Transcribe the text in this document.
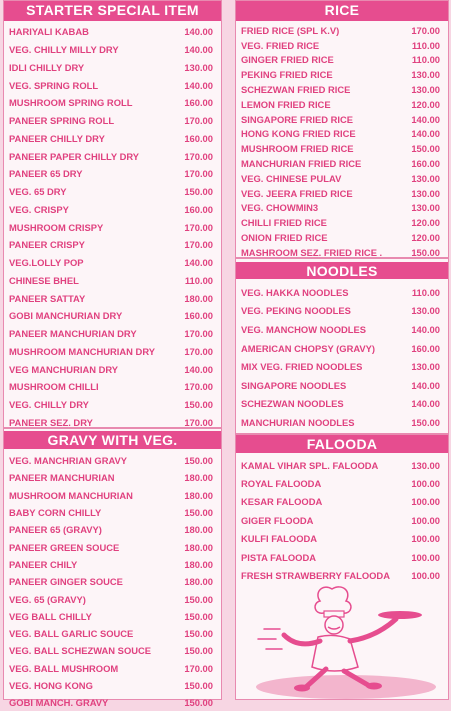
STARTER SPECIAL ITEM
HARIYALI KABAB	140.00
VEG. CHILLY MILLY DRY	140.00
IDLI CHILLY DRY	130.00
VEG. SPRING ROLL	140.00
MUSHROOM SPRING ROLL	160.00
PANEER SPRING ROLL	170.00
PANEER CHILLY DRY	160.00
PANEER PAPER CHILLY DRY	170.00
PANEER 65 DRY	170.00
VEG. 65 DRY	150.00
VEG. CRISPY	160.00
MUSHROOM CRISPY	170.00
PANEER CRISPY	170.00
VEG.LOLLY POP	140.00
CHINESE BHEL	110.00
PANEER SATTAY	180.00
GOBI MANCHURIAN DRY	160.00
PANEER MANCHURIAN DRY	170.00
MUSHROOM MANCHURIAN DRY	170.00
VEG MANCHURIAN DRY	140.00
MUSHROOM CHILLI	170.00
VEG. CHILLY DRY	150.00
PANEER SEZ. DRY	170.00
GRAVY WITH VEG.
VEG. MANCHRIAN GRAVY	150.00
PANEER MANCHURIAN	180.00
MUSHROOM MANCHURIAN	180.00
BABY CORN CHILLY	150.00
PANEER 65 (GRAVY)	180.00
PANEER GREEN SOUCE	180.00
PANEER CHILY	180.00
PANEER GINGER SOUCE	180.00
VEG. 65 (GRAVY)	150.00
VEG BALL CHILLY	150.00
VEG. BALL GARLIC SOUCE	150.00
VEG. BALL SCHEZWAN SOUCE	150.00
VEG. BALL MUSHROOM	170.00
VEG. HONG KONG	150.00
GOBI MANCH. GRAVY	150.00
RICE
FRIED RICE (SPL K.V)	170.00
VEG. FRIED RICE	110.00
GINGER FRIED RICE	110.00
PEKING FRIED RICE	130.00
SCHEZWAN FRIED RICE	130.00
LEMON FRIED RICE	120.00
SINGAPORE FRIED RICE	140.00
HONG KONG FRIED RICE	140.00
MUSHROOM FRIED RICE	150.00
MANCHURIAN FRIED RICE	160.00
VEG. CHINESE PULAV	130.00
VEG. JEERA FRIED RICE	130.00
VEG. CHOWMIN3	130.00
CHILLI FRIED RICE	120.00
ONION FRIED RICE	120.00
MASHROOM SEZ. FRIED RICE .	150.00
NOODLES
VEG. HAKKA NOODLES	110.00
VEG. PEKING NOODLES	130.00
VEG. MANCHOW NOODLES	140.00
AMERICAN CHOPSY (GRAVY)	160.00
MIX VEG. FRIED NOODLES	130.00
SINGAPORE NOODLES	140.00
SCHEZWAN NOODLES	140.00
MANCHURIAN NOODLES	150.00
FALOODA
KAMAL VIHAR SPL. FALOODA	130.00
ROYAL FALOODA	100.00
KESAR FALOODA	100.00
GIGER FLOODA	100.00
KULFI FALOODA	100.00
PISTA FALOODA	100.00
FRESH STRAWBERRY FALOODA 100.00
